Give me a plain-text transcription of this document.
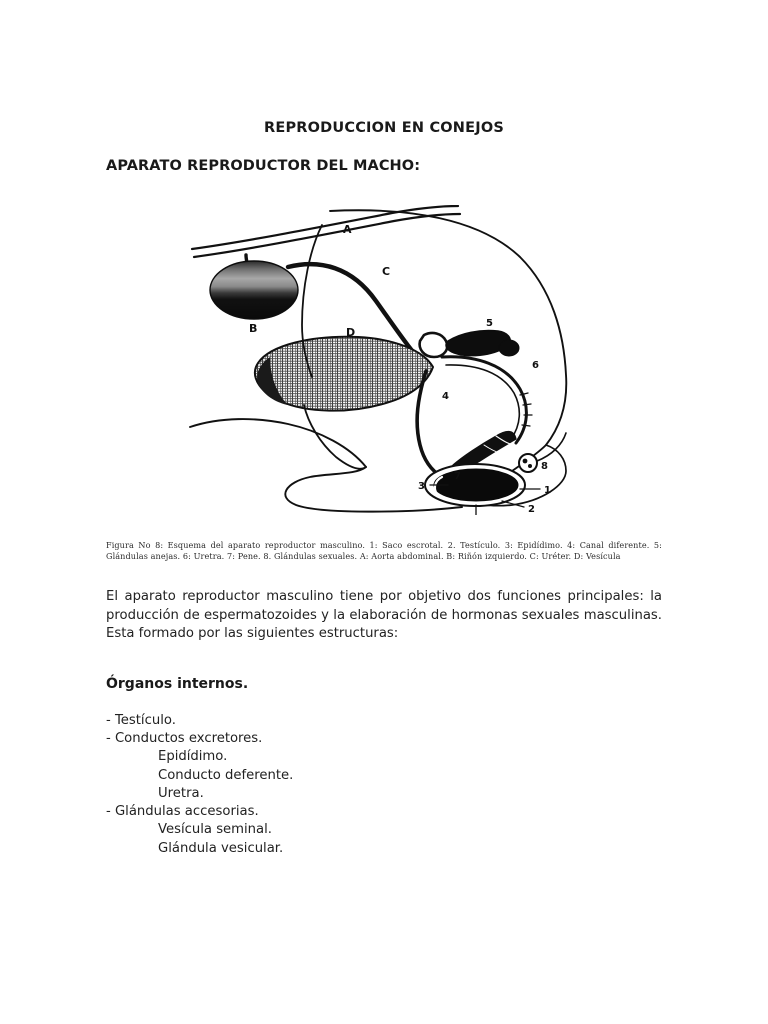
REPRODUCCION EN CONEJOS
APARATO REPRODUCTOR DEL MACHO:
A
B
C
D
5
6
7
8
4
3	1
2
Figura No 8: Esquema del aparato reproductor masculino. 1: Saco escrotal. 2. Testículo. 3: Epidídimo. 4: Canal diferente. 5: Glándulas anejas. 6: Uretra. 7: Pene. 8. Glándulas sexuales. A: Aorta abdominal. B: Riñón izquierdo. C: Uréter. D: Vesícula
El aparato reproductor masculino tiene por objetivo dos funciones principales: la producción de espermatozoides y la elaboración de hormonas sexuales masculinas. Esta formado por las siguientes estructuras:
Órganos internos.
- Testículo.
- Conductos excretores.
Epidídimo.
Conducto deferente.
Uretra.
- Glándulas accesorias.
Vesícula seminal.
Glándula vesicular.
